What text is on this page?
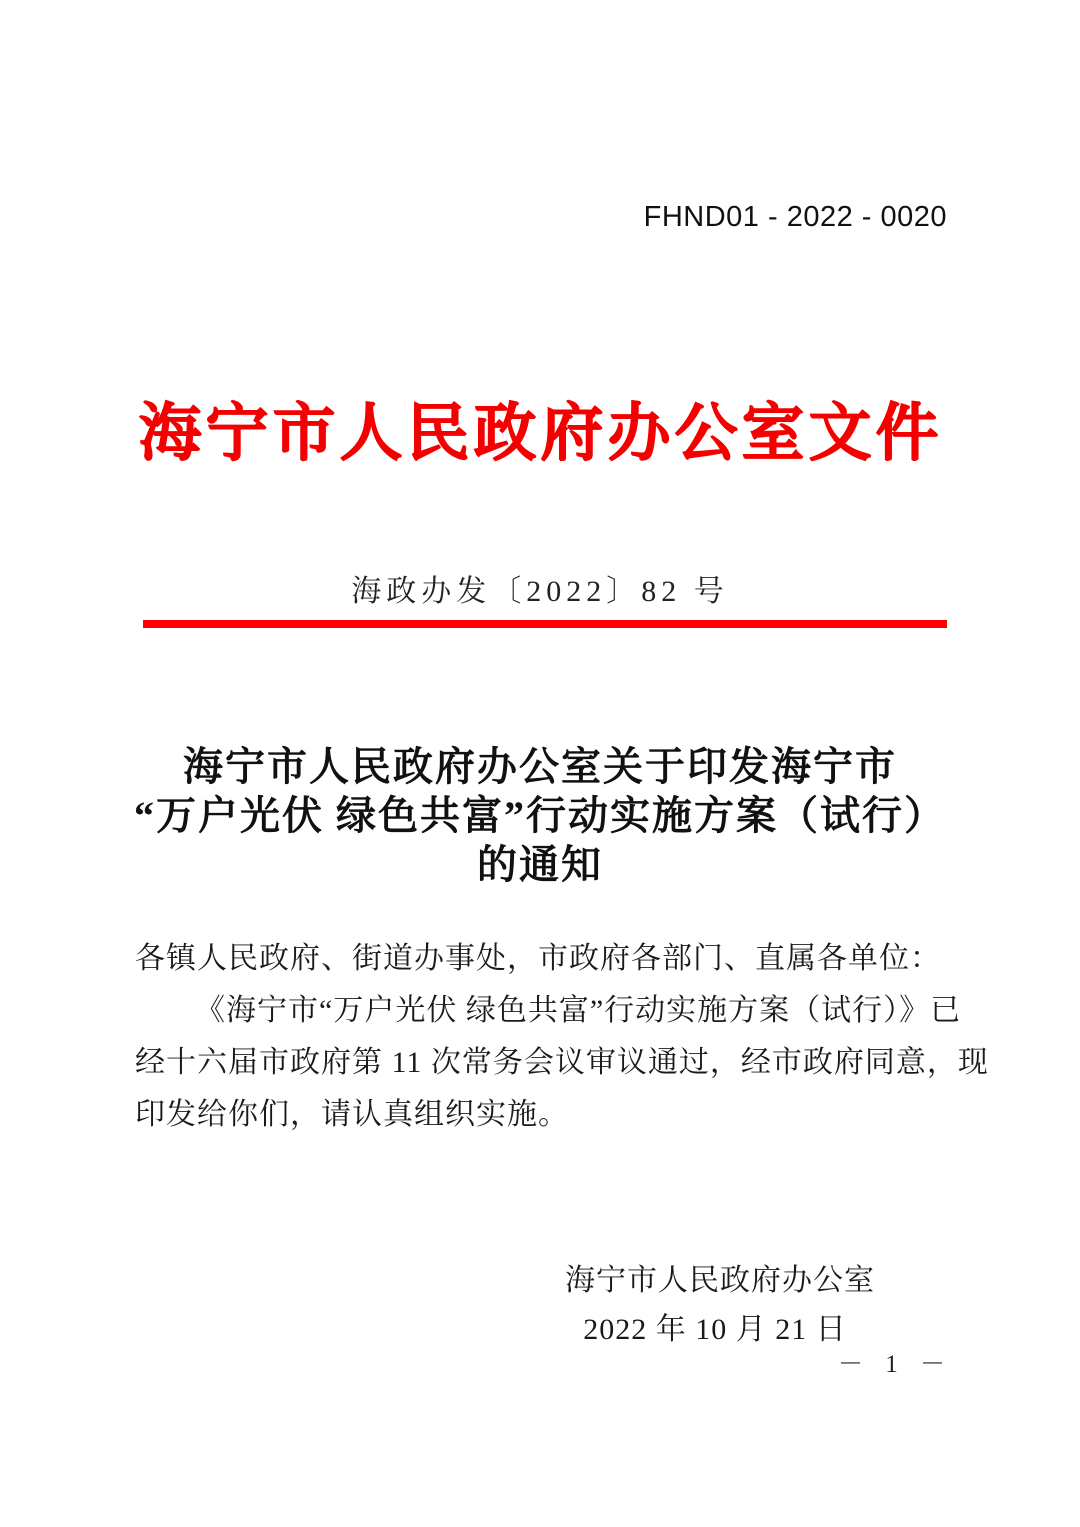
FHND01 - 2022 - 0020
海宁市人民政府办公室文件
海政办发〔2022〕82 号
海宁市人民政府办公室关于印发海宁市
“万户光伏 绿色共富”行动实施方案（试行）
的通知
各镇人民政府、街道办事处，市政府各部门、直属各单位：
《海宁市“万户光伏 绿色共富”行动实施方案（试行）》已
经十六届市政府第 11 次常务会议审议通过，经市政府同意，现
印发给你们，请认真组织实施。
海宁市人民政府办公室
2022 年 10 月 21 日
－ 1 －
